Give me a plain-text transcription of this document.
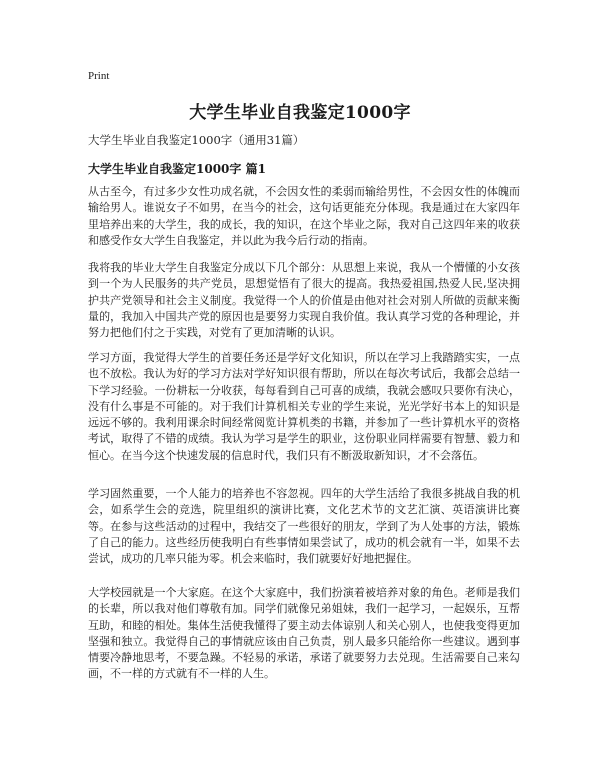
Print
大学生毕业自我鉴定1000字
大学生毕业自我鉴定1000字（通用31篇）
大学生毕业自我鉴定1000字 篇1

从古至今，有过多少女性功成名就，不会因女性的柔弱而输给男性，不会因女性的体魄而输给男人。谁说女子不如男，在当今的社会，这句话更能充分体现。我是通过在大家四年里培养出来的大学生，我的成长，我的知识，在这个毕业之际，我对自己这四年来的收获和感受作女大学生自我鉴定，并以此为我今后行动的指南。

我将我的毕业大学生自我鉴定分成以下几个部分：从思想上来说，我从一个懵懂的小女孩到一个为人民服务的共产党员，思想觉悟有了很大的提高。我热爱祖国,热爱人民,坚决拥护共产党领导和社会主义制度。我觉得一个人的价值是由他对社会对别人所做的贡献来衡量的，我加入中国共产党的原因也是要努力实现自我价值。我认真学习党的各种理论，并努力把他们付之于实践，对党有了更加清晰的认识。

学习方面，我觉得大学生的首要任务还是学好文化知识，所以在学习上我踏踏实实，一点也不放松。我认为好的学习方法对学好知识很有帮助，所以在每次考试后，我都会总结一下学习经验。一份耕耘一分收获，每每看到自己可喜的成绩，我就会感叹只要你有決心，没有什么事是不可能的。对于我们计算机相关专业的学生来说，光光学好书本上的知识是远远不够的。我利用课余时间经常阅览计算机类的书籍，并参加了一些计算机水平的资格考试，取得了不错的成绩。我认为学习是学生的职业，这份职业同样需要有智慧、毅力和恒心。在当今这个快速发展的信息时代，我们只有不断汲取新知识，才不会落伍。

学习固然重要，一个人能力的培养也不容忽视。四年的大学生活给了我很多挑战自我的机会，如系学生会的竞选，院里组织的演讲比赛，文化艺术节的文艺汇演、英语演讲比赛等。在参与这些活动的过程中，我结交了一些很好的朋友，学到了为人处事的方法，锻炼了自己的能力。这些经历使我明白有些事情如果尝试了，成功的机会就有一半，如果不去尝试，成功的几率只能为零。机会来临时，我们就要好好地把握住。

大学校园就是一个大家庭。在这个大家庭中，我们扮演着被培养对象的角色。老师是我们的长辈，所以我对他们尊敬有加。同学们就像兄弟姐妹，我们一起学习，一起娱乐，互帮互助，和睦的相处。集体生活使我懂得了要主动去体谅别人和关心别人，也使我变得更加坚强和独立。我觉得自己的事情就应该由自己负责，别人最多只能给你一些建议。遇到事情要冷静地思考，不要急躁。不轻易的承诺，承诺了就要努力去兑现。生活需要自己来勾画，不一样的方式就有不一样的人生。
